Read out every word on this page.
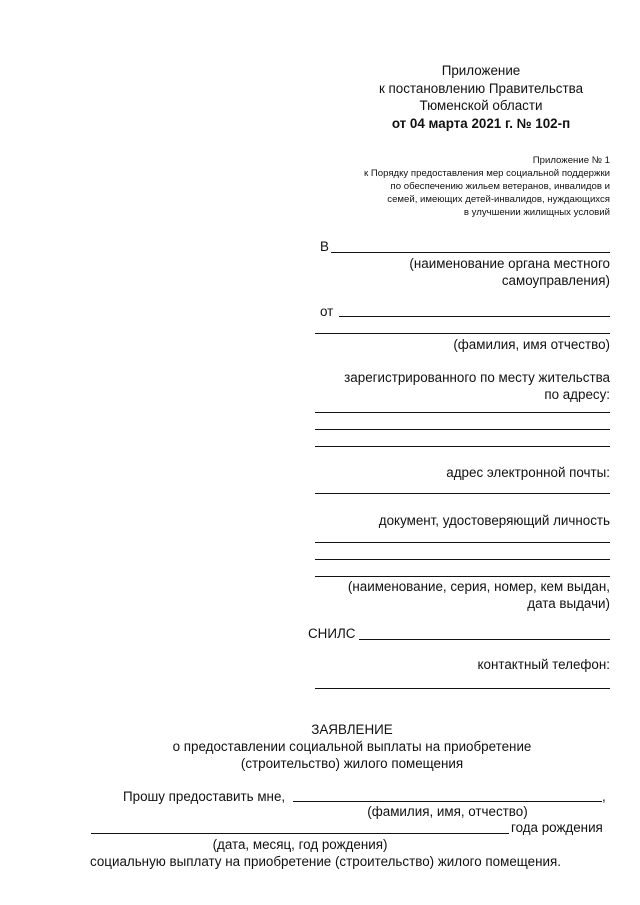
Приложение
к постановлению Правительства
Тюменской области
от 04 марта 2021 г. № 102-п
Приложение № 1
к Порядку предоставления мер социальной поддержки
по обеспечению жильем ветеранов, инвалидов и
семей, имеющих детей-инвалидов, нуждающихся
в улучшении жилищных условий
В
(наименование органа местного
самоуправления)
от
(фамилия, имя отчество)
зарегистрированного по месту жительства
по адресу:
адрес электронной почты:
документ, удостоверяющий личность
(наименование, серия, номер, кем выдан,
дата выдачи)
СНИЛС
контактный телефон:
ЗАЯВЛЕНИЕ
о предоставлении социальной выплаты на приобретение
(строительство) жилого помещения
Прошу предоставить мне,	,
(фамилия, имя, отчество)
года рождения
(дата, месяц, год рождения)
социальную выплату на приобретение (строительство) жилого помещения.
